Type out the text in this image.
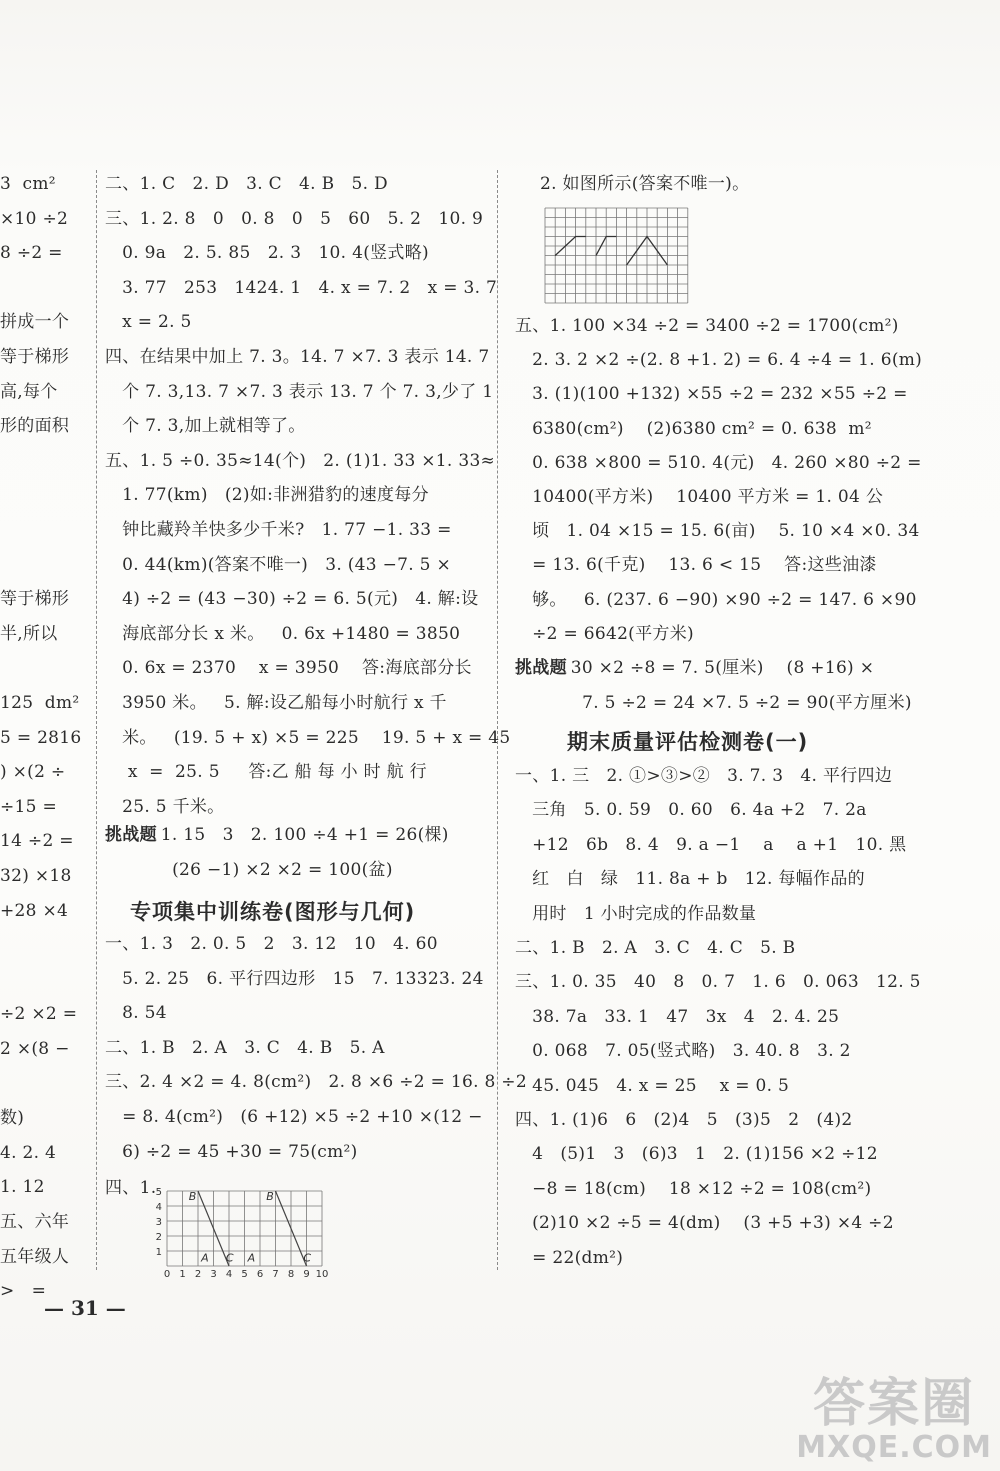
3  cm²
×10 ÷2
8 ÷2 =
拼成一个
等于梯形
高,每个
形的面积
等于梯形
半,所以
125  dm²
5 = 2816
) ×(2 ÷
÷15 =
14 ÷2 =
32) ×18
+28 ×4
÷2 ×2 =
2 ×(8 −
数)
4. 2. 4
1. 12
五、六年
五年级人
>   =
二、1. C   2. D   3. C   4. B   5. D
三、1. 2. 8   0   0. 8   0   5   60   5. 2   10. 9
0. 9a   2. 5. 85   2. 3   10. 4(竖式略)
3. 77   253   1424. 1   4. x = 7. 2   x = 3. 7
x = 2. 5
四、在结果中加上 7. 3。14. 7 ×7. 3 表示 14. 7
个 7. 3,13. 7 ×7. 3 表示 13. 7 个 7. 3,少了 1
个 7. 3,加上就相等了。
五、1. 5 ÷0. 35≈14(个)   2. (1)1. 33 ×1. 33≈
1. 77(km)   (2)如:非洲猎豹的速度每分
钟比藏羚羊快多少千米?   1. 77 −1. 33 =
0. 44(km)(答案不唯一)   3. (43 −7. 5 ×
4) ÷2 = (43 −30) ÷2 = 6. 5(元)   4. 解:设
海底部分长 x 米。   0. 6x +1480 = 3850
0. 6x = 2370    x = 3950    答:海底部分长
3950 米。   5. 解:设乙船每小时航行 x 千
米。   (19. 5 + x) ×5 = 225    19. 5 + x = 45
x  =  25. 5     答:乙 船 每 小 时 航 行
25. 5 千米。
挑战题
1. 15   3   2. 100 ÷4 +1 = 26(棵)
(26 −1) ×2 ×2 = 100(盆)
专项集中训练卷(图形与几何)
一、1. 3   2. 0. 5   2   3. 12   10   4. 60
5. 2. 25   6. 平行四边形   15   7. 13323. 24
8. 54
二、1. B   2. A   3. C   4. B   5. A
三、2. 4 ×2 = 4. 8(cm²)   2. 8 ×6 ÷2 = 16. 8 ÷2
= 8. 4(cm²)   (6 +12) ×5 ÷2 +10 ×(12 −
6) ÷2 = 45 +30 = 75(cm²)
四、1.
0 1 2 3 4 5 6 7 8 9 10
1
2
3
4
5 B
A C
B
A	C
2. 如图所示(答案不唯一)。
五、1. 100 ×34 ÷2 = 3400 ÷2 = 1700(cm²)
2. 3. 2 ×2 ÷(2. 8 +1. 2) = 6. 4 ÷4 = 1. 6(m)
3. (1)(100 +132) ×55 ÷2 = 232 ×55 ÷2 =
6380(cm²)    (2)6380 cm² = 0. 638  m²
0. 638 ×800 = 510. 4(元)   4. 260 ×80 ÷2 =
10400(平方米)    10400 平方米 = 1. 04 公
顷   1. 04 ×15 = 15. 6(亩)    5. 10 ×4 ×0. 34
= 13. 6(千克)    13. 6 < 15    答:这些油漆
够。   6. (237. 6 −90) ×90 ÷2 = 147. 6 ×90
÷2 = 6642(平方米)
挑战题
30 ×2 ÷8 = 7. 5(厘米)    (8 +16) ×
7. 5 ÷2 = 24 ×7. 5 ÷2 = 90(平方厘米)
期末质量评估检测卷(一)
一、1. 三   2. ①>③>②   3. 7. 3   4. 平行四边
三角   5. 0. 59   0. 60   6. 4a +2   7. 2a
+12   6b   8. 4   9. a −1    a    a +1   10. 黑
红   白   绿   11. 8a + b   12. 每幅作品的
用时   1 小时完成的作品数量
二、1. B   2. A   3. C   4. C   5. B
三、1. 0. 35   40   8   0. 7   1. 6   0. 063   12. 5
38. 7a   33. 1   47   3x   4   2. 4. 25
0. 068   7. 05(竖式略)   3. 40. 8   3. 2
45. 045   4. x = 25    x = 0. 5
四、1. (1)6   6   (2)4   5   (3)5   2   (4)2
4   (5)1   3   (6)3   1   2. (1)156 ×2 ÷12
−8 = 18(cm)    18 ×12 ÷2 = 108(cm²)
(2)10 ×2 ÷5 = 4(dm)    (3 +5 +3) ×4 ÷2
= 22(dm²)
— 31 —
答案圈
MXQE.COM
